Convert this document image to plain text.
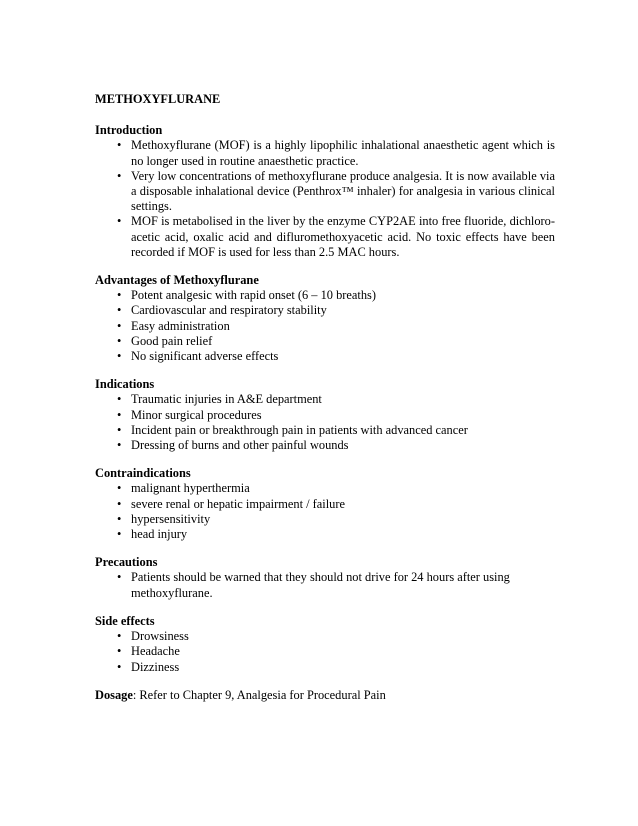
METHOXYFLURANE

Introduction

• Methoxyflurane (MOF) is a highly lipophilic inhalational anaesthetic agent which is no longer used in routine anaesthetic practice.
• Very low concentrations of methoxyflurane produce analgesia. It is now available via a disposable inhalational device (Penthrox™ inhaler) for analgesia in various clinical settings.
• MOF is metabolised in the liver by the enzyme CYP2AE into free fluoride, dichloro-acetic acid, oxalic acid and difluromethoxyacetic acid. No toxic effects have been recorded if MOF is used for less than 2.5 MAC hours.

Advantages of Methoxyflurane

• Potent analgesic with rapid onset (6 – 10 breaths)
• Cardiovascular and respiratory stability
• Easy administration
• Good pain relief
• No significant adverse effects

Indications

• Traumatic injuries in A&E department
• Minor surgical procedures
• Incident pain or breakthrough pain in patients with advanced cancer
• Dressing of burns and other painful wounds

Contraindications

• malignant hyperthermia
• severe renal or hepatic impairment / failure
• hypersensitivity
• head injury

Precautions

• Patients should be warned that they should not drive for 24 hours after using methoxyflurane.

Side effects

• Drowsiness
• Headache
• Dizziness

Dosage: Refer to Chapter 9, Analgesia for Procedural Pain
